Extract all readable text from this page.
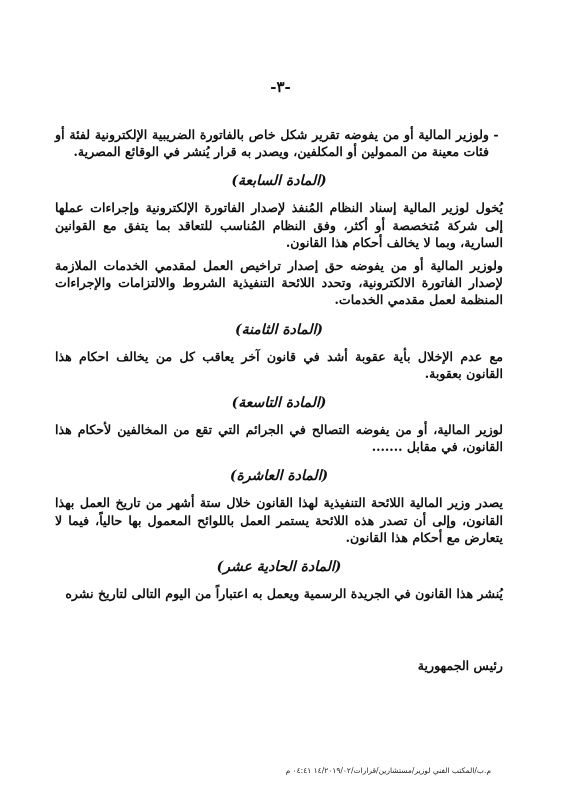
-٣-
-

ولوزير المالية أو من يفوضه تقرير شكل خاص بالفاتورة الضريبية الإلكترونية لفئة أو فئات معينة من الممولين أو المكلفين، ويصدر به قرار يُنشر في الوقائع المصرية.

(المادة السابعة)

يُخول لوزير المالية إسناد النظام المُنفذ لإصدار الفاتورة الإلكترونية وإجراءات عملها إلى شركة مُتخصصة أو أكثر، وفق النظام المُناسب للتعاقد بما يتفق مع القوانين السارية، وبما لا يخالف أحكام هذا القانون.

ولوزير المالية أو من يفوضه حق إصدار تراخيص العمل لمقدمي الخدمات الملازمة لإصدار الفاتورة الالكترونية، وتحدد اللائحة التنفيذية الشروط والالتزامات والإجراءات المنظمة لعمل مقدمي الخدمات.

(المادة الثامنة)

مع عدم الإخلال بأية عقوبة أشد في قانون آخر يعاقب كل من يخالف احكام هذا القانون بعقوبة.

(المادة التاسعة)

لوزير المالية، أو من يفوضه التصالح في الجرائم التي تقع من المخالفين لأحكام هذا القانون، في مقابل .......

(المادة العاشرة)

يصدر وزير المالية اللائحة التنفيذية لهذا القانون خلال ستة أشهر من تاريخ العمل بهذا القانون، وإلى أن تصدر هذه اللائحة يستمر العمل باللوائح المعمول بها حالياً، فيما لا يتعارض مع أحكام هذا القانون.

(المادة الحادية عشر)

يُنشر هذا القانون في الجريدة الرسمية ويعمل به اعتباراً من اليوم التالى لتاريخ نشره

رئيس الجمهورية
م.ب/المكتب الفني لوزير/مستشارين/قرارات/١٤/٢٠١٩/٠٢ ٠٤:٤١ م
